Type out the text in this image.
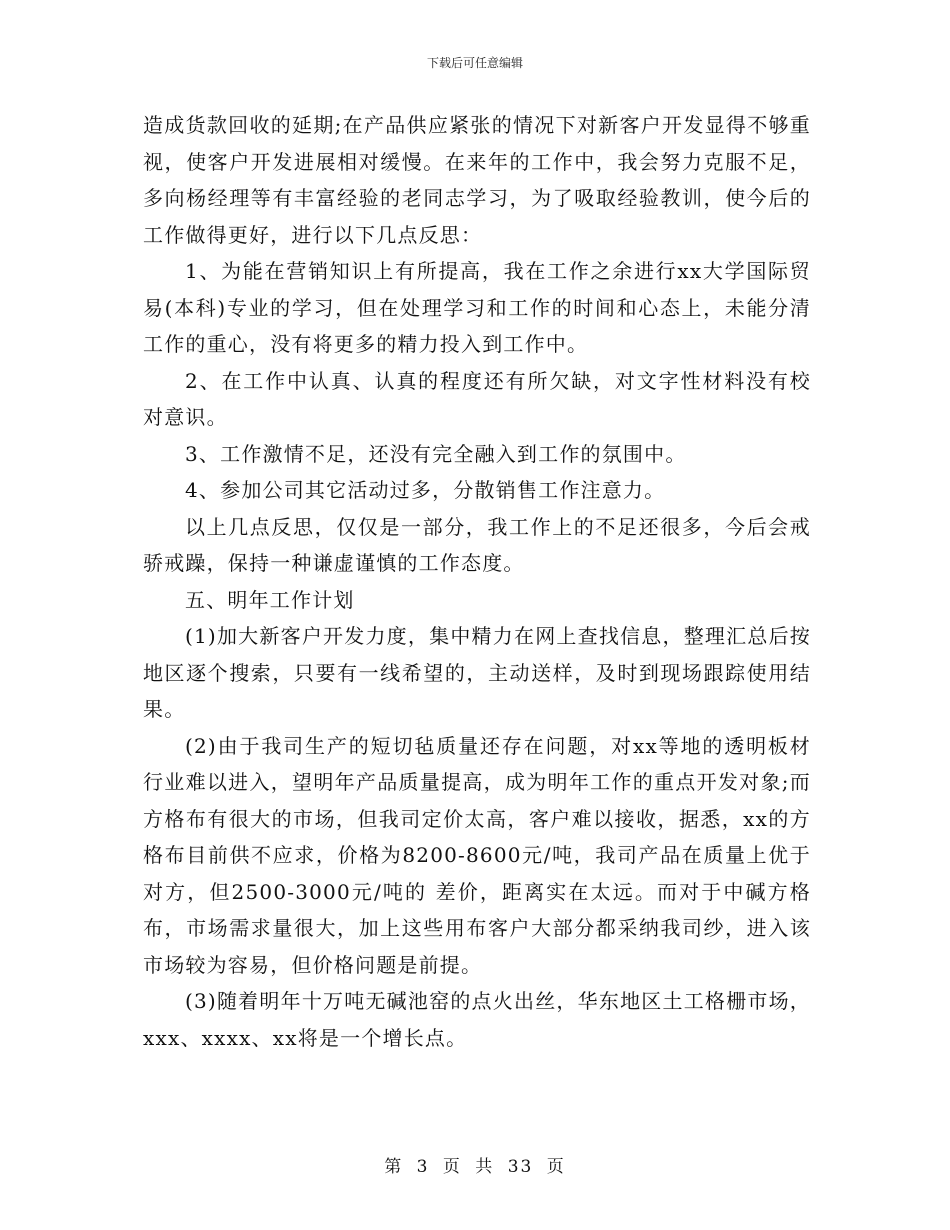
下载后可任意编辑

造成货款回收的延期;在产品供应紧张的情况下对新客户开发显得不够重视，使客户开发进展相对缓慢。在来年的工作中，我会努力克服不足，多向杨经理等有丰富经验的老同志学习，为了吸取经验教训，使今后的工作做得更好，进行以下几点反思：

1、为能在营销知识上有所提高，我在工作之余进行xx大学国际贸易(本科)专业的学习，但在处理学习和工作的时间和心态上，未能分清工作的重心，没有将更多的精力投入到工作中。

2、在工作中认真、认真的程度还有所欠缺，对文字性材料没有校对意识。

3、工作激情不足，还没有完全融入到工作的氛围中。

4、参加公司其它活动过多，分散销售工作注意力。

以上几点反思，仅仅是一部分，我工作上的不足还很多，今后会戒骄戒躁，保持一种谦虚谨慎的工作态度。

五、明年工作计划

(1)加大新客户开发力度，集中精力在网上查找信息，整理汇总后按地区逐个搜索，只要有一线希望的，主动送样，及时到现场跟踪使用结果。

(2)由于我司生产的短切毡质量还存在问题，对xx等地的透明板材行业难以进入，望明年产品质量提高，成为明年工作的重点开发对象;而方格布有很大的市场，但我司定价太高，客户难以接收，据悉，xx的方格布目前供不应求，价格为8200-8600元/吨，我司产品在质量上优于对方，但2500-3000元/吨的 差价，距离实在太远。而对于中碱方格布，市场需求量很大，加上这些用布客户大部分都采纳我司纱，进入该市场较为容易，但价格问题是前提。

(3)随着明年十万吨无碱池窑的点火出丝，华东地区土工格栅市场，xxx、xxxx、xx将是一个增长点。

第 3 页 共 33 页
